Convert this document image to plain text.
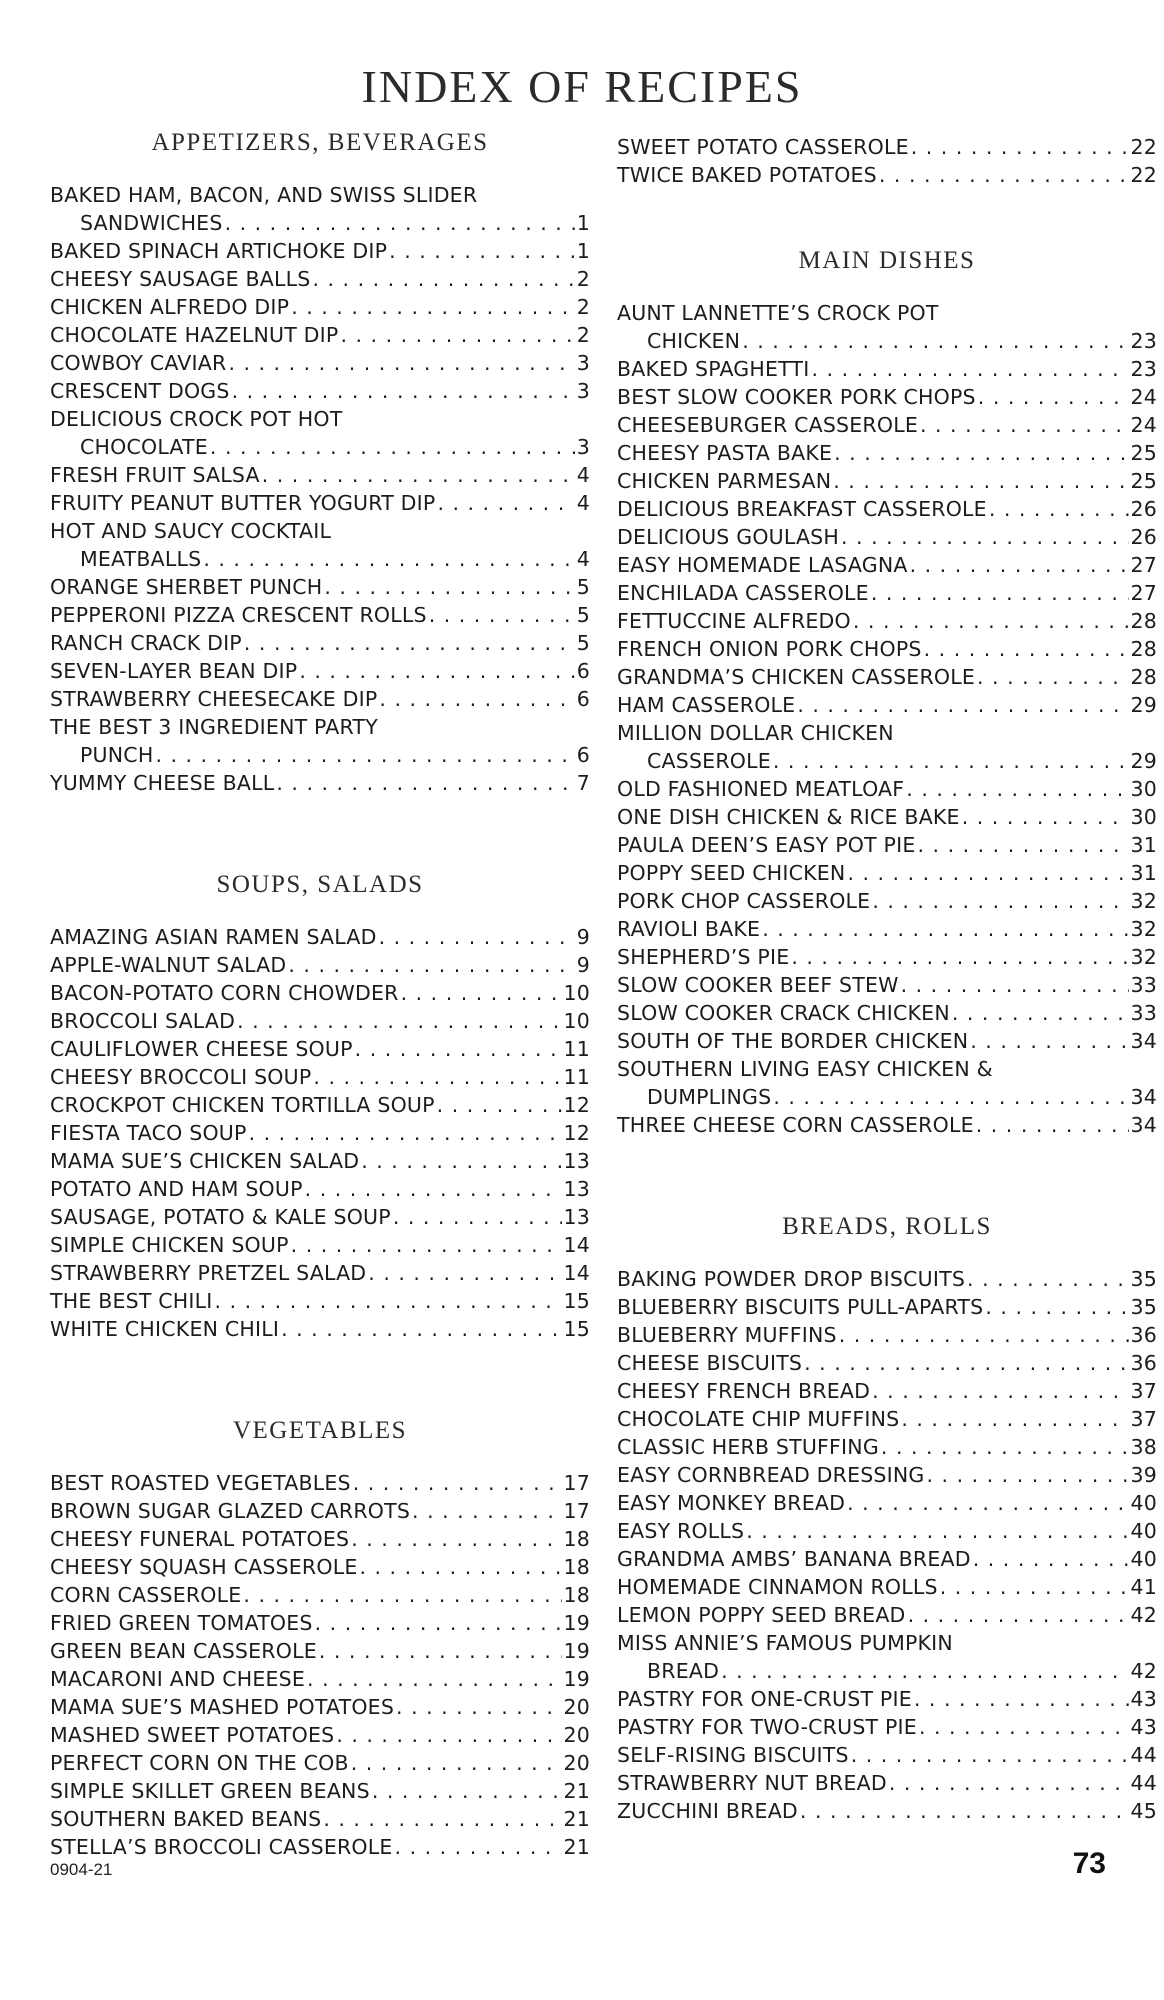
INDEX OF RECIPES
APPETIZERS, BEVERAGES
BAKED HAM, BACON, AND SWISS SLIDER
SANDWICHES . . .	1
BAKED SPINACH ARTICHOKE DIP . . .	1
CHEESY SAUSAGE BALLS . . .	2
CHICKEN ALFREDO DIP . . .	2
CHOCOLATE HAZELNUT DIP . . .	2
COWBOY CAVIAR . . .	3
CRESCENT DOGS . . .	3
DELICIOUS CROCK POT HOT
CHOCOLATE . . .	3
FRESH FRUIT SALSA . . .	4
FRUITY PEANUT BUTTER YOGURT DIP . . .	4
HOT AND SAUCY COCKTAIL
MEATBALLS . . .	4
ORANGE SHERBET PUNCH . . .	5
PEPPERONI PIZZA CRESCENT ROLLS . . .	5
RANCH CRACK DIP . . .	5
SEVEN-LAYER BEAN DIP . . .	6
STRAWBERRY CHEESECAKE DIP . . .	6
THE BEST 3 INGREDIENT PARTY
PUNCH . . .	6
YUMMY CHEESE BALL . . .	7
SOUPS, SALADS
AMAZING ASIAN RAMEN SALAD . . .	9
APPLE-WALNUT SALAD . . .	9
BACON-POTATO CORN CHOWDER . . .	10
BROCCOLI SALAD . . .	10
CAULIFLOWER CHEESE SOUP . . .	11
CHEESY BROCCOLI SOUP . . .	11
CROCKPOT CHICKEN TORTILLA SOUP . . .	12
FIESTA TACO SOUP . . .	12
MAMA SUE’S CHICKEN SALAD . . .	13
POTATO AND HAM SOUP . . .	13
SAUSAGE, POTATO & KALE SOUP . . .	13
SIMPLE CHICKEN SOUP . . .	14
STRAWBERRY PRETZEL SALAD . . .	14
THE BEST CHILI . . .	15
WHITE CHICKEN CHILI . . .	15
VEGETABLES
BEST ROASTED VEGETABLES . . .	17
BROWN SUGAR GLAZED CARROTS . . .	17
CHEESY FUNERAL POTATOES . . .	18
CHEESY SQUASH CASSEROLE . . .	18
CORN CASSEROLE . . .	18
FRIED GREEN TOMATOES . . .	19
GREEN BEAN CASSEROLE . . .	19
MACARONI AND CHEESE . . .	19
MAMA SUE’S MASHED POTATOES . . .	20
MASHED SWEET POTATOES . . .	20
PERFECT CORN ON THE COB . . .	20
SIMPLE SKILLET GREEN BEANS . . .	21
SOUTHERN BAKED BEANS . . .	21
STELLA’S BROCCOLI CASSEROLE . . .	21
SWEET POTATO CASSEROLE . . .	22
TWICE BAKED POTATOES . . .	22
MAIN DISHES
AUNT LANNETTE’S CROCK POT
CHICKEN . . .	23
BAKED SPAGHETTI . . .	23
BEST SLOW COOKER PORK CHOPS . . .	24
CHEESEBURGER CASSEROLE . . .	24
CHEESY PASTA BAKE . . .	25
CHICKEN PARMESAN . . .	25
DELICIOUS BREAKFAST CASSEROLE . . .	26
DELICIOUS GOULASH . . .	26
EASY HOMEMADE LASAGNA . . .	27
ENCHILADA CASSEROLE . . .	27
FETTUCCINE ALFREDO . . .	28
FRENCH ONION PORK CHOPS . . .	28
GRANDMA’S CHICKEN CASSEROLE . . .	28
HAM CASSEROLE . . .	29
MILLION DOLLAR CHICKEN
CASSEROLE . . .	29
OLD FASHIONED MEATLOAF . . .	30
ONE DISH CHICKEN & RICE BAKE . . .	30
PAULA DEEN’S EASY POT PIE . . .	31
POPPY SEED CHICKEN . . .	31
PORK CHOP CASSEROLE . . .	32
RAVIOLI BAKE . . .	32
SHEPHERD’S PIE . . .	32
SLOW COOKER BEEF STEW . . .	33
SLOW COOKER CRACK CHICKEN . . .	33
SOUTH OF THE BORDER CHICKEN . . .	34
SOUTHERN LIVING EASY CHICKEN &
DUMPLINGS . . .	34
THREE CHEESE CORN CASSEROLE . . .	34
BREADS, ROLLS
BAKING POWDER DROP BISCUITS . . .	35
BLUEBERRY BISCUITS PULL-APARTS . . .	35
BLUEBERRY MUFFINS . . .	36
CHEESE BISCUITS . . .	36
CHEESY FRENCH BREAD . . .	37
CHOCOLATE CHIP MUFFINS . . .	37
CLASSIC HERB STUFFING . . .	38
EASY CORNBREAD DRESSING . . .	39
EASY MONKEY BREAD . . .	40
EASY ROLLS . . .	40
GRANDMA AMBS’ BANANA BREAD . . .	40
HOMEMADE CINNAMON ROLLS . . .	41
LEMON POPPY SEED BREAD . . .	42
MISS ANNIE’S FAMOUS PUMPKIN
BREAD . . .	42
PASTRY FOR ONE-CRUST PIE . . .	43
PASTRY FOR TWO-CRUST PIE . . .	43
SELF-RISING BISCUITS . . .	44
STRAWBERRY NUT BREAD . . .	44
ZUCCHINI BREAD . . .	45
0904-21	73
